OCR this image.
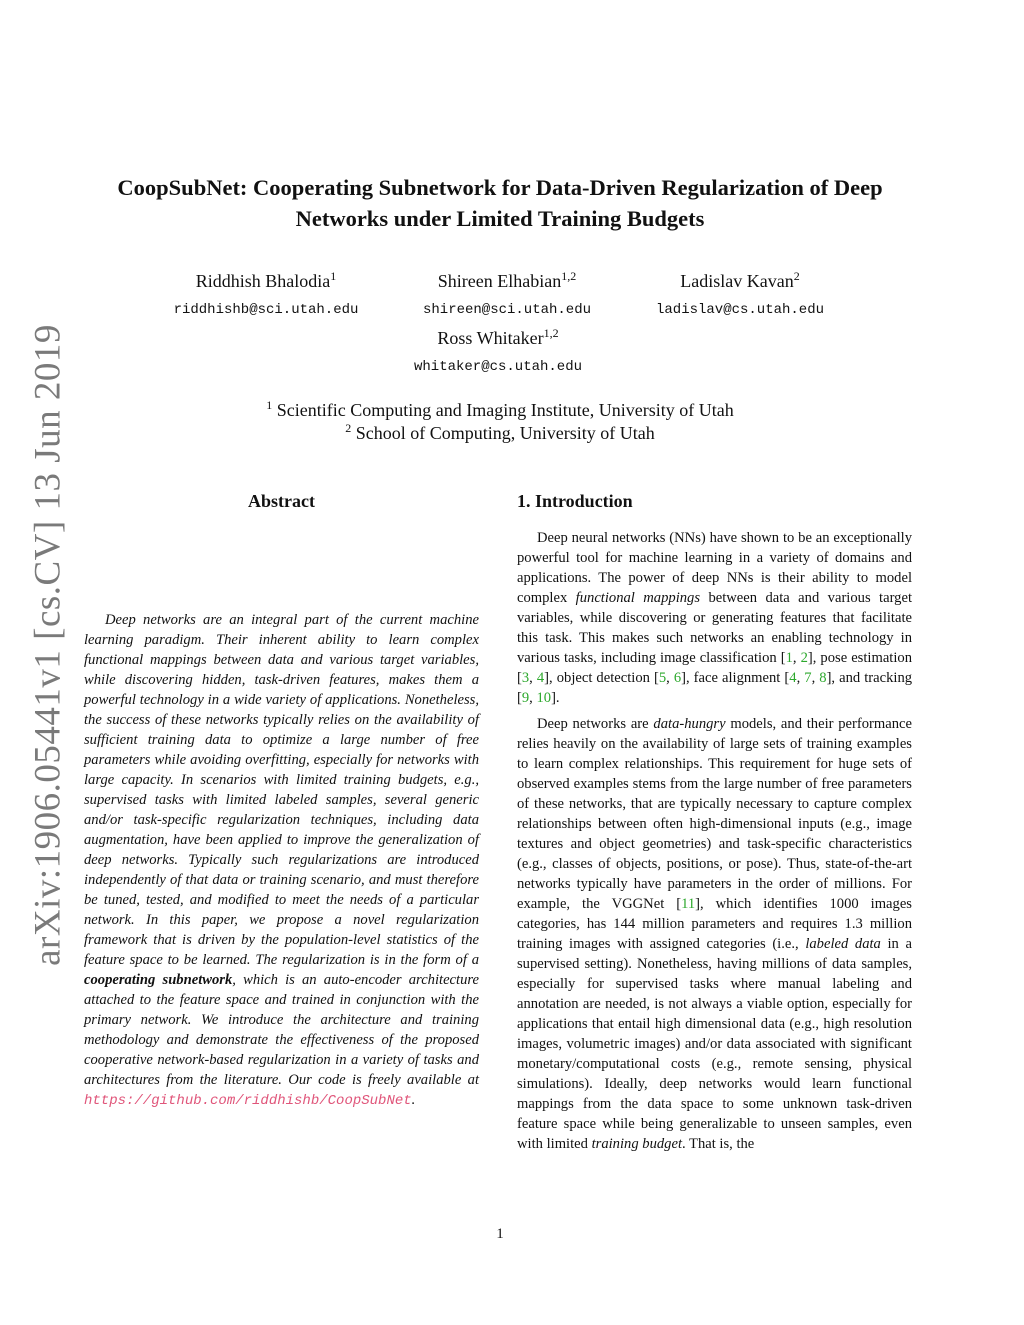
arXiv:1906.05441v1 [cs.CV] 13 Jun 2019
CoopSubNet: Cooperating Subnetwork for Data-Driven Regularization of Deep
Networks under Limited Training Budgets
Riddhish Bhalodia$^1$
riddhishb@sci.utah.edu
Shireen Elhabian$^{1,2}$
shireen@sci.utah.edu
Ladislav Kavan$^2$
ladislav@cs.utah.edu
Ross Whitaker$^{1,2}$
whitaker@cs.utah.edu
$^1$ Scientific Computing and Imaging Institute, University of Utah
$^2$ School of Computing, University of Utah
Abstract	1. Introduction
Deep networks are an integral part of the current machine learning paradigm. Their inherent ability to learn complex functional mappings between data and various target variables, while discovering hidden, task-driven features, makes them a powerful technology in a wide variety of applications. Nonetheless, the success of these networks typically relies on the availability of sufficient training data to optimize a large number of free parameters while avoiding overfitting, especially for networks with large capacity. In scenarios with limited training budgets, e.g., supervised tasks with limited labeled samples, several generic and/or task-specific regularization techniques, including data augmentation, have been applied to improve the generalization of deep networks. Typically such regularizations are introduced independently of that data or training scenario, and must therefore be tuned, tested, and modified to meet the needs of a particular network. In this paper, we propose a novel regularization framework that is driven by the population-level statistics of the feature space to be learned. The regularization is in the form of a cooperating subnetwork, which is an auto-encoder architecture attached to the feature space and trained in conjunction with the primary network. We introduce the architecture and training methodology and demonstrate the effectiveness of the proposed cooperative network-based regularization in a variety of tasks and architectures from the literature. Our code is freely available at https://github.com/riddhishb/CoopSubNet.

Deep neural networks (NNs) have shown to be an exceptionally powerful tool for machine learning in a variety of domains and applications. The power of deep NNs is their ability to model complex functional mappings between data and various target variables, while discovering or generating features that facilitate this task. This makes such networks an enabling technology in various tasks, including image classification [1, 2], pose estimation [3, 4], object detection [5, 6], face alignment [4, 7, 8], and tracking [9, 10].

Deep networks are data-hungry models, and their performance relies heavily on the availability of large sets of training examples to learn complex relationships. This requirement for huge sets of observed examples stems from the large number of free parameters of these networks, that are typically necessary to capture complex relationships between often high-dimensional inputs (e.g., image textures and object geometries) and task-specific characteristics (e.g., classes of objects, positions, or pose). Thus, state-of-the-art networks typically have parameters in the order of millions. For example, the VGGNet [11], which identifies 1000 images categories, has 144 million parameters and requires 1.3 million training images with assigned categories (i.e., labeled data in a supervised setting). Nonetheless, having millions of data samples, especially for supervised tasks where manual labeling and annotation are needed, is not always a viable option, especially for applications that entail high dimensional data (e.g., high resolution images, volumetric images) and/or data associated with significant monetary/computational costs (e.g., remote sensing, physical simulations). Ideally, deep networks would learn functional mappings from the data space to some unknown task-driven feature space while being generalizable to unseen samples, even with limited training budget. That is, the

1
